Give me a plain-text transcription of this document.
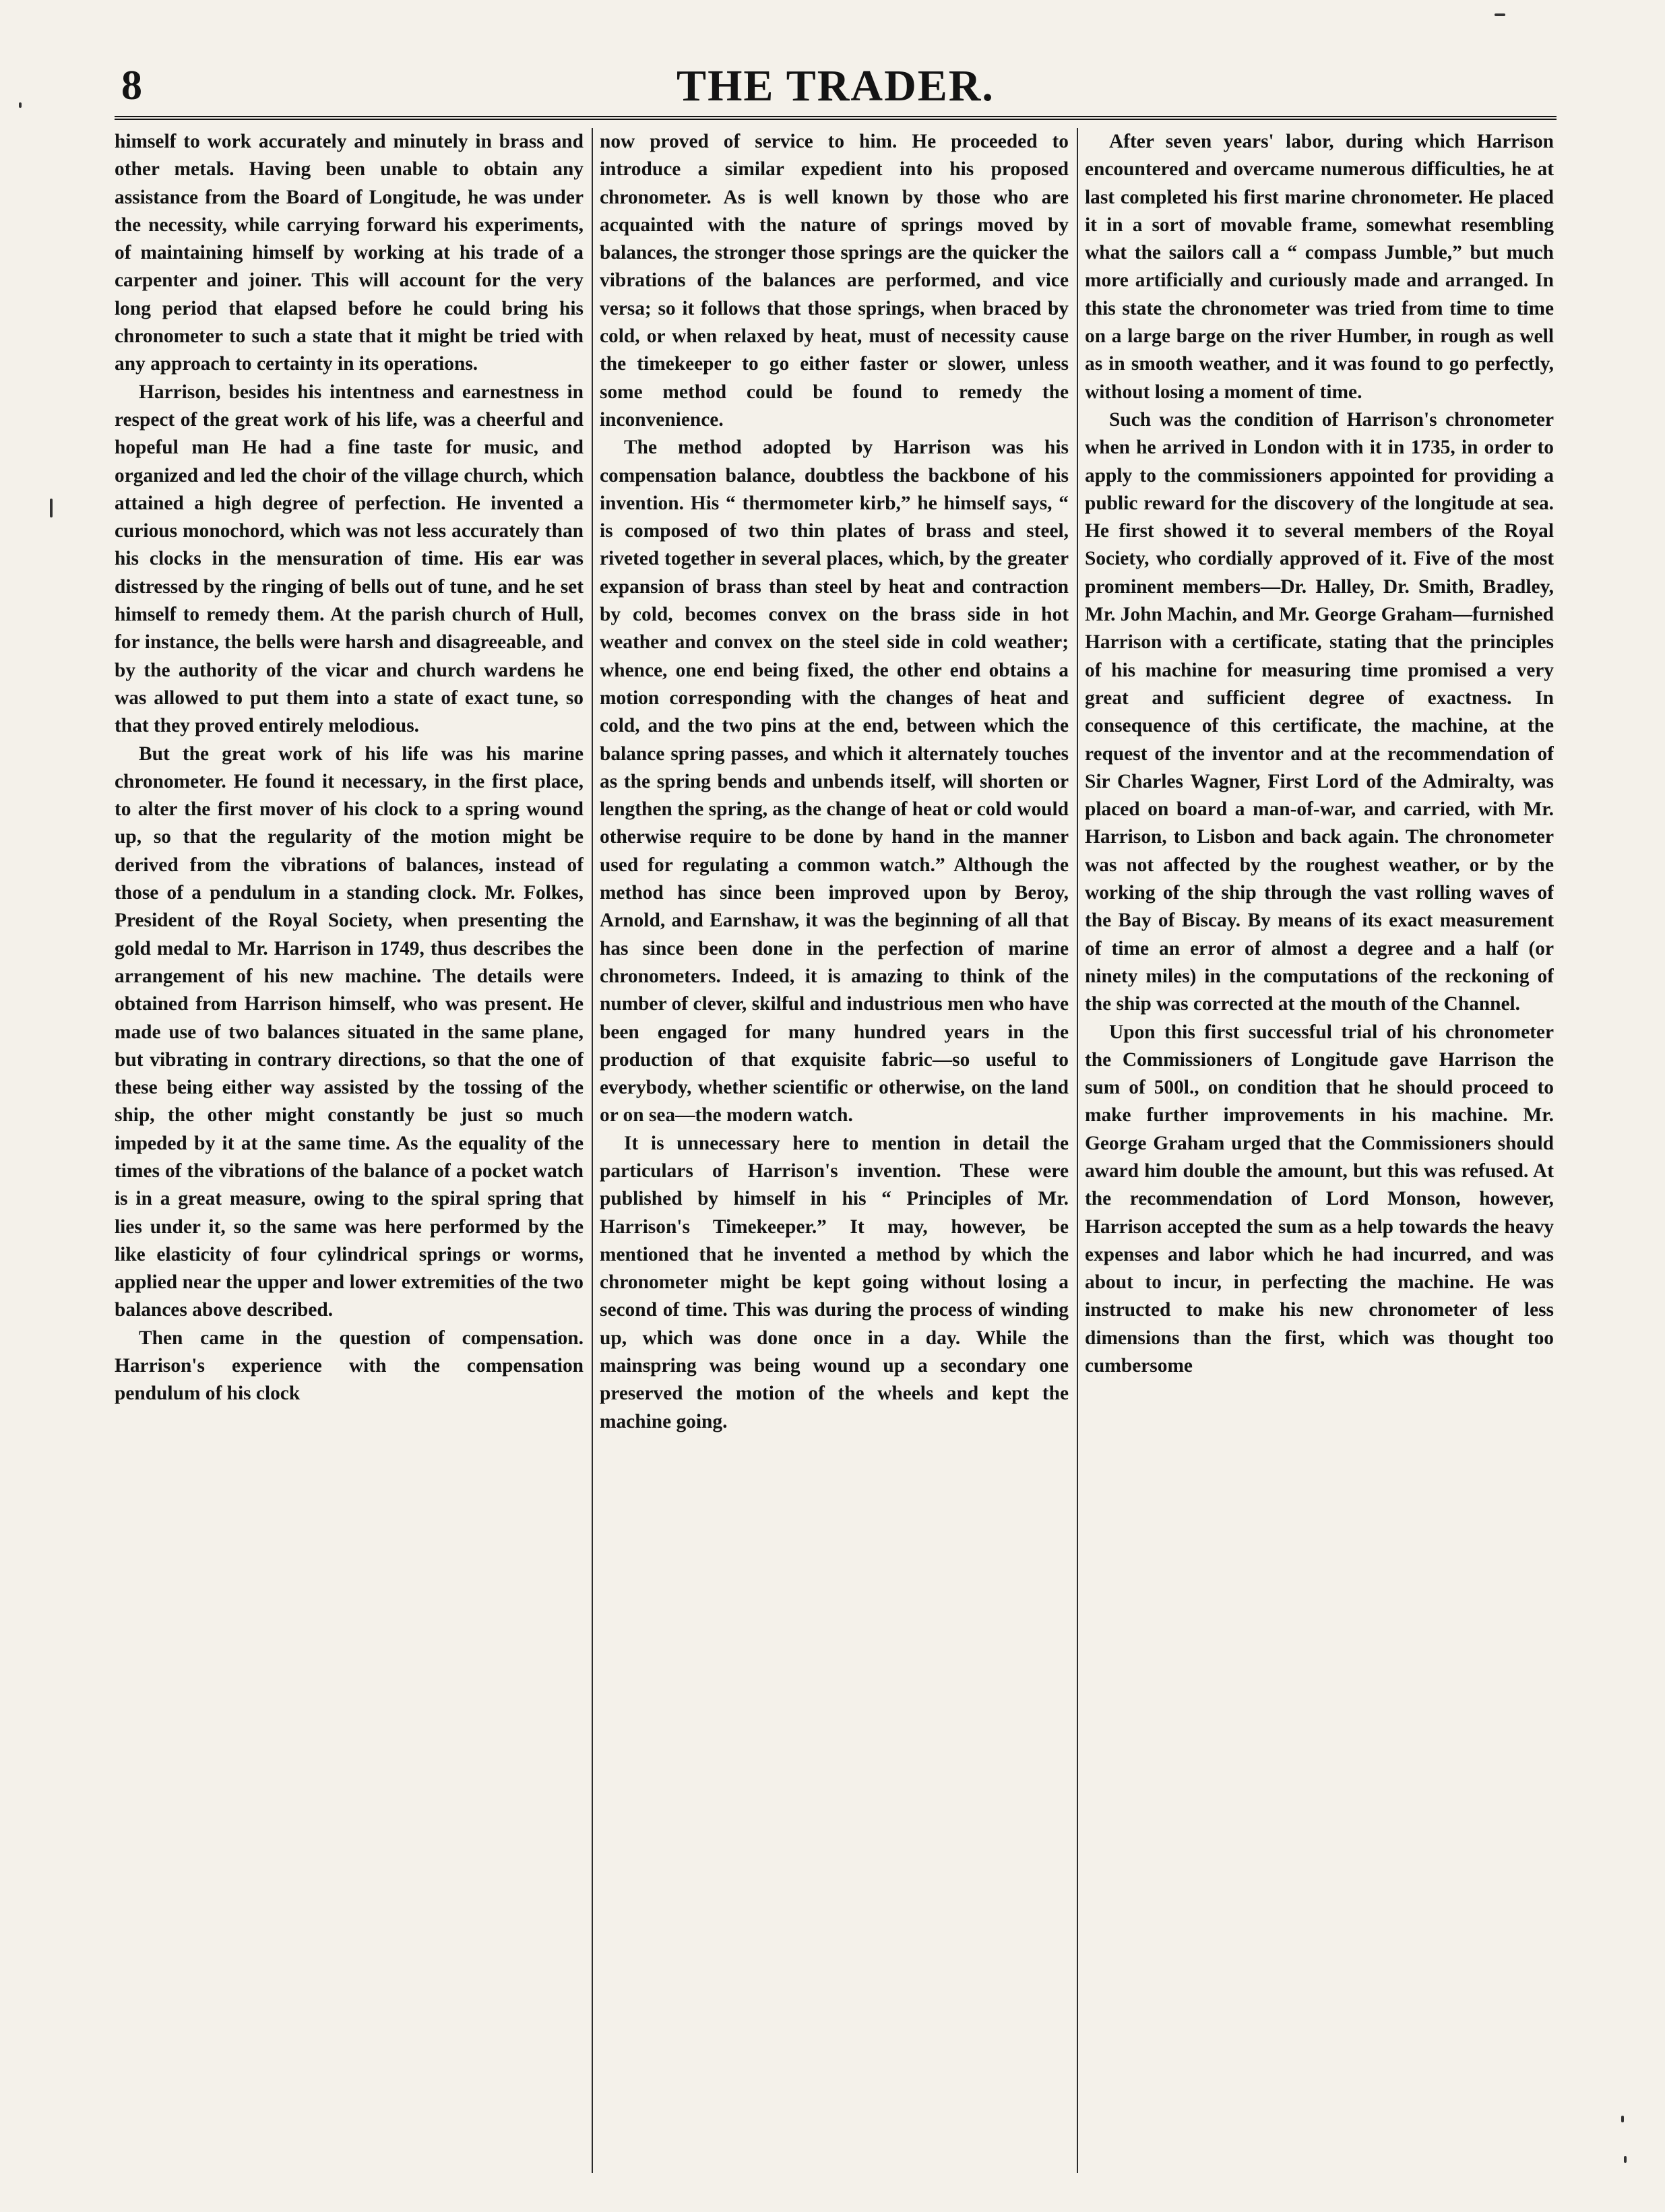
8	THE TRADER.

himself to work accurately and minutely in brass and other metals. Having been unable to obtain any assistance from the Board of Longitude, he was under the necessity, while carrying forward his experiments, of maintaining himself by working at his trade of a carpenter and joiner. This will account for the very long period that elapsed before he could bring his chronometer to such a state that it might be tried with any approach to certainty in its operations.

Harrison, besides his intentness and earnestness in respect of the great work of his life, was a cheerful and hopeful man He had a fine taste for music, and organized and led the choir of the village church, which attained a high degree of perfection. He invented a curious monochord, which was not less accurately than his clocks in the mensuration of time. His ear was distressed by the ringing of bells out of tune, and he set himself to remedy them. At the parish church of Hull, for instance, the bells were harsh and disagreeable, and by the authority of the vicar and church wardens he was allowed to put them into a state of exact tune, so that they proved entirely melodious.

But the great work of his life was his marine chronometer. He found it necessary, in the first place, to alter the first mover of his clock to a spring wound up, so that the regularity of the motion might be derived from the vibrations of balances, instead of those of a pendulum in a standing clock. Mr. Folkes, President of the Royal Society, when presenting the gold medal to Mr. Harrison in 1749, thus describes the arrangement of his new machine. The details were obtained from Harrison himself, who was present. He made use of two balances situated in the same plane, but vibrating in contrary directions, so that the one of these being either way assisted by the tossing of the ship, the other might constantly be just so much impeded by it at the same time. As the equality of the times of the vibrations of the balance of a pocket watch is in a great measure, owing to the spiral spring that lies under it, so the same was here performed by the like elasticity of four cylindrical springs or worms, applied near the upper and lower extremities of the two balances above described.

Then came in the question of compensation. Harrison's experience with the compensation pendulum of his clock

now proved of service to him. He proceeded to introduce a similar expedient into his proposed chronometer. As is well known by those who are acquainted with the nature of springs moved by balances, the stronger those springs are the quicker the vibrations of the balances are performed, and vice versa; so it follows that those springs, when braced by cold, or when relaxed by heat, must of necessity cause the timekeeper to go either faster or slower, unless some method could be found to remedy the inconvenience.

The method adopted by Harrison was his compensation balance, doubtless the backbone of his invention. His “ thermometer kirb,” he himself says, “ is composed of two thin plates of brass and steel, riveted together in several places, which, by the greater expansion of brass than steel by heat and contraction by cold, becomes convex on the brass side in hot weather and convex on the steel side in cold weather; whence, one end being fixed, the other end obtains a motion corresponding with the changes of heat and cold, and the two pins at the end, between which the balance spring passes, and which it alternately touches as the spring bends and unbends itself, will shorten or lengthen the spring, as the change of heat or cold would otherwise require to be done by hand in the manner used for regulating a common watch.” Although the method has since been improved upon by Beroy, Arnold, and Earnshaw, it was the beginning of all that has since been done in the perfection of marine chronometers. Indeed, it is amazing to think of the number of clever, skilful and industrious men who have been engaged for many hundred years in the production of that exquisite fabric—so useful to everybody, whether scientific or otherwise, on the land or on sea—the modern watch.

It is unnecessary here to mention in detail the particulars of Harrison's invention. These were published by himself in his “ Principles of Mr. Harrison's Timekeeper.” It may, however, be mentioned that he invented a method by which the chronometer might be kept going without losing a second of time. This was during the process of winding up, which was done once in a day. While the mainspring was being wound up a secondary one preserved the motion of the wheels and kept the machine going.

After seven years' labor, during which Harrison encountered and overcame numerous difficulties, he at last completed his first marine chronometer. He placed it in a sort of movable frame, somewhat resembling what the sailors call a “ compass Jumble,” but much more artificially and curiously made and arranged. In this state the chronometer was tried from time to time on a large barge on the river Humber, in rough as well as in smooth weather, and it was found to go perfectly, without losing a moment of time.

Such was the condition of Harrison's chronometer when he arrived in London with it in 1735, in order to apply to the commissioners appointed for providing a public reward for the discovery of the longitude at sea. He first showed it to several members of the Royal Society, who cordially approved of it. Five of the most prominent members—Dr. Halley, Dr. Smith, Bradley, Mr. John Machin, and Mr. George Graham—furnished Harrison with a certificate, stating that the principles of his machine for measuring time promised a very great and sufficient degree of exactness. In consequence of this certificate, the machine, at the request of the inventor and at the recommendation of Sir Charles Wagner, First Lord of the Admiralty, was placed on board a man-of-war, and carried, with Mr. Harrison, to Lisbon and back again. The chronometer was not affected by the roughest weather, or by the working of the ship through the vast rolling waves of the Bay of Biscay. By means of its exact measurement of time an error of almost a degree and a half (or ninety miles) in the computations of the reckoning of the ship was corrected at the mouth of the Channel.

Upon this first successful trial of his chronometer the Commissioners of Longitude gave Harrison the sum of 500l., on condition that he should proceed to make further improvements in his machine. Mr. George Graham urged that the Commissioners should award him double the amount, but this was refused. At the recommendation of Lord Monson, however, Harrison accepted the sum as a help towards the heavy expenses and labor which he had incurred, and was about to incur, in perfecting the machine. He was instructed to make his new chronometer of less dimensions than the first, which was thought too cumbersome
